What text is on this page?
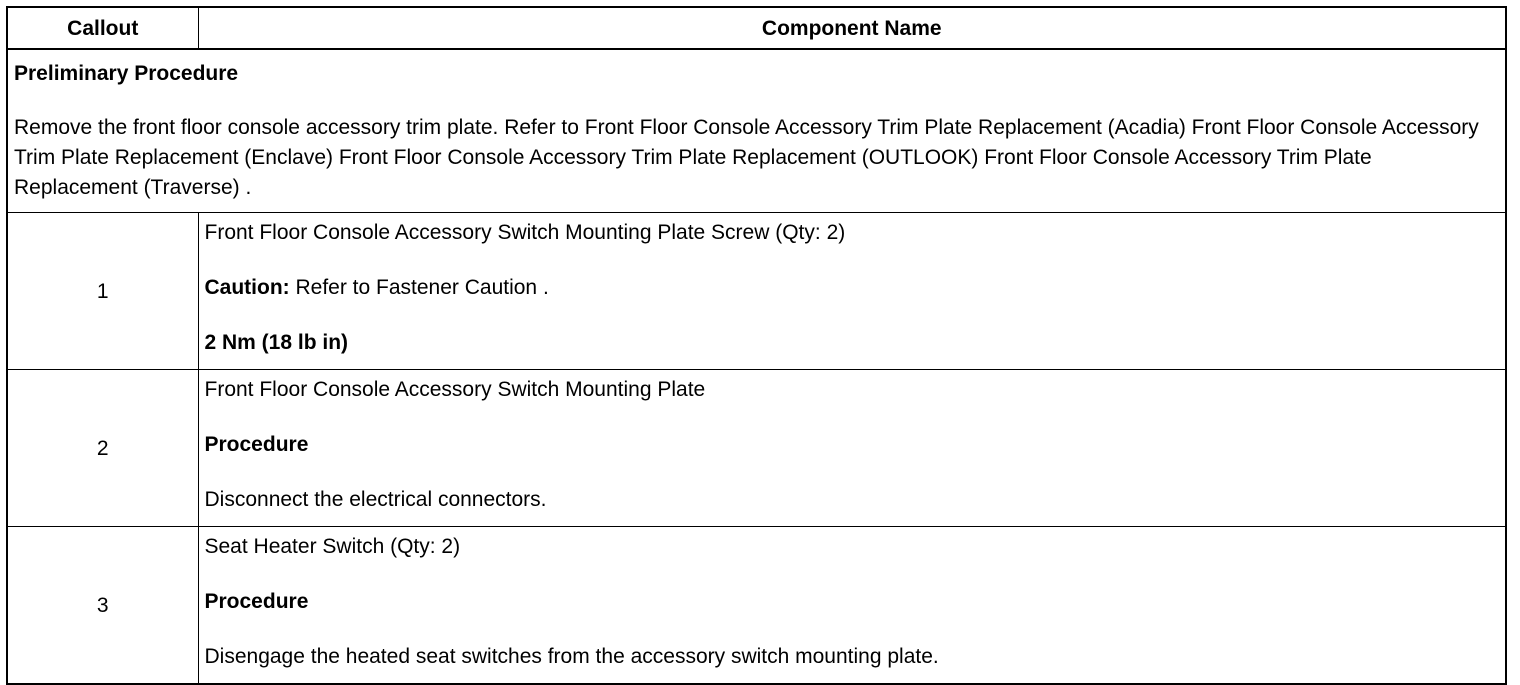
Callout	Component Name

Preliminary Procedure

Remove the front floor console accessory trim plate. Refer to Front Floor Console Accessory Trim Plate Replacement (Acadia) Front Floor Console Accessory Trim Plate Replacement (Enclave) Front Floor Console Accessory Trim Plate Replacement (OUTLOOK) Front Floor Console Accessory Trim Plate Replacement (Traverse) .	

1	Front Floor Console Accessory Switch Mounting Plate Screw (Qty: 2)

Caution: Refer to Fastener Caution .

2 Nm (18 lb in)

2	Front Floor Console Accessory Switch Mounting Plate

Procedure

Disconnect the electrical connectors.

3	Seat Heater Switch (Qty: 2)

Procedure

Disengage the heated seat switches from the accessory switch mounting plate.
